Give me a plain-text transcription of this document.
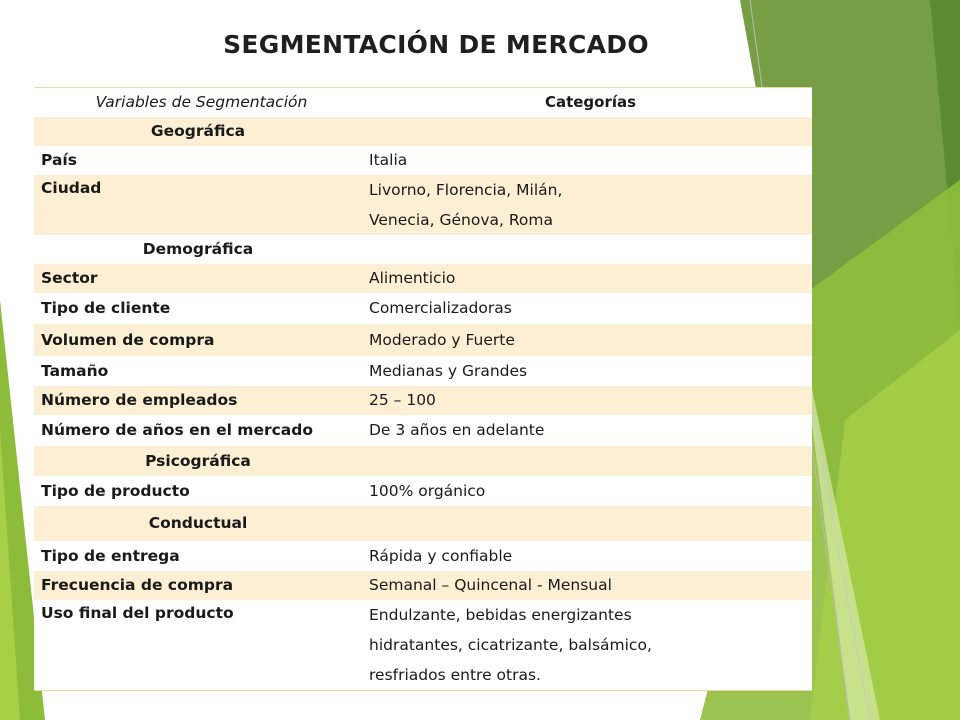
SEGMENTACIÓN DE MERCADO
Variables de Segmentación	Categorías
Geográfica	
País	Italia
Ciudad	Livorno, Florencia, Milán,
Venecia, Génova, Roma

Demográfica	
Sector	Alimenticio
Tipo de cliente	Comercializadoras
Volumen de compra	Moderado y Fuerte
Tamaño	Medianas y Grandes
Número de empleados	25 – 100
Número de años en el mercado	De 3 años en adelante
Psicográfica	
Tipo de producto	100% orgánico
Conductual	
Tipo de entrega	Rápida y confiable
Frecuencia de compra	Semanal – Quincenal - Mensual
Uso final del producto	Endulzante, bebidas energizantes
hidratantes, cicatrizante, balsámico,
resfriados entre otras.
